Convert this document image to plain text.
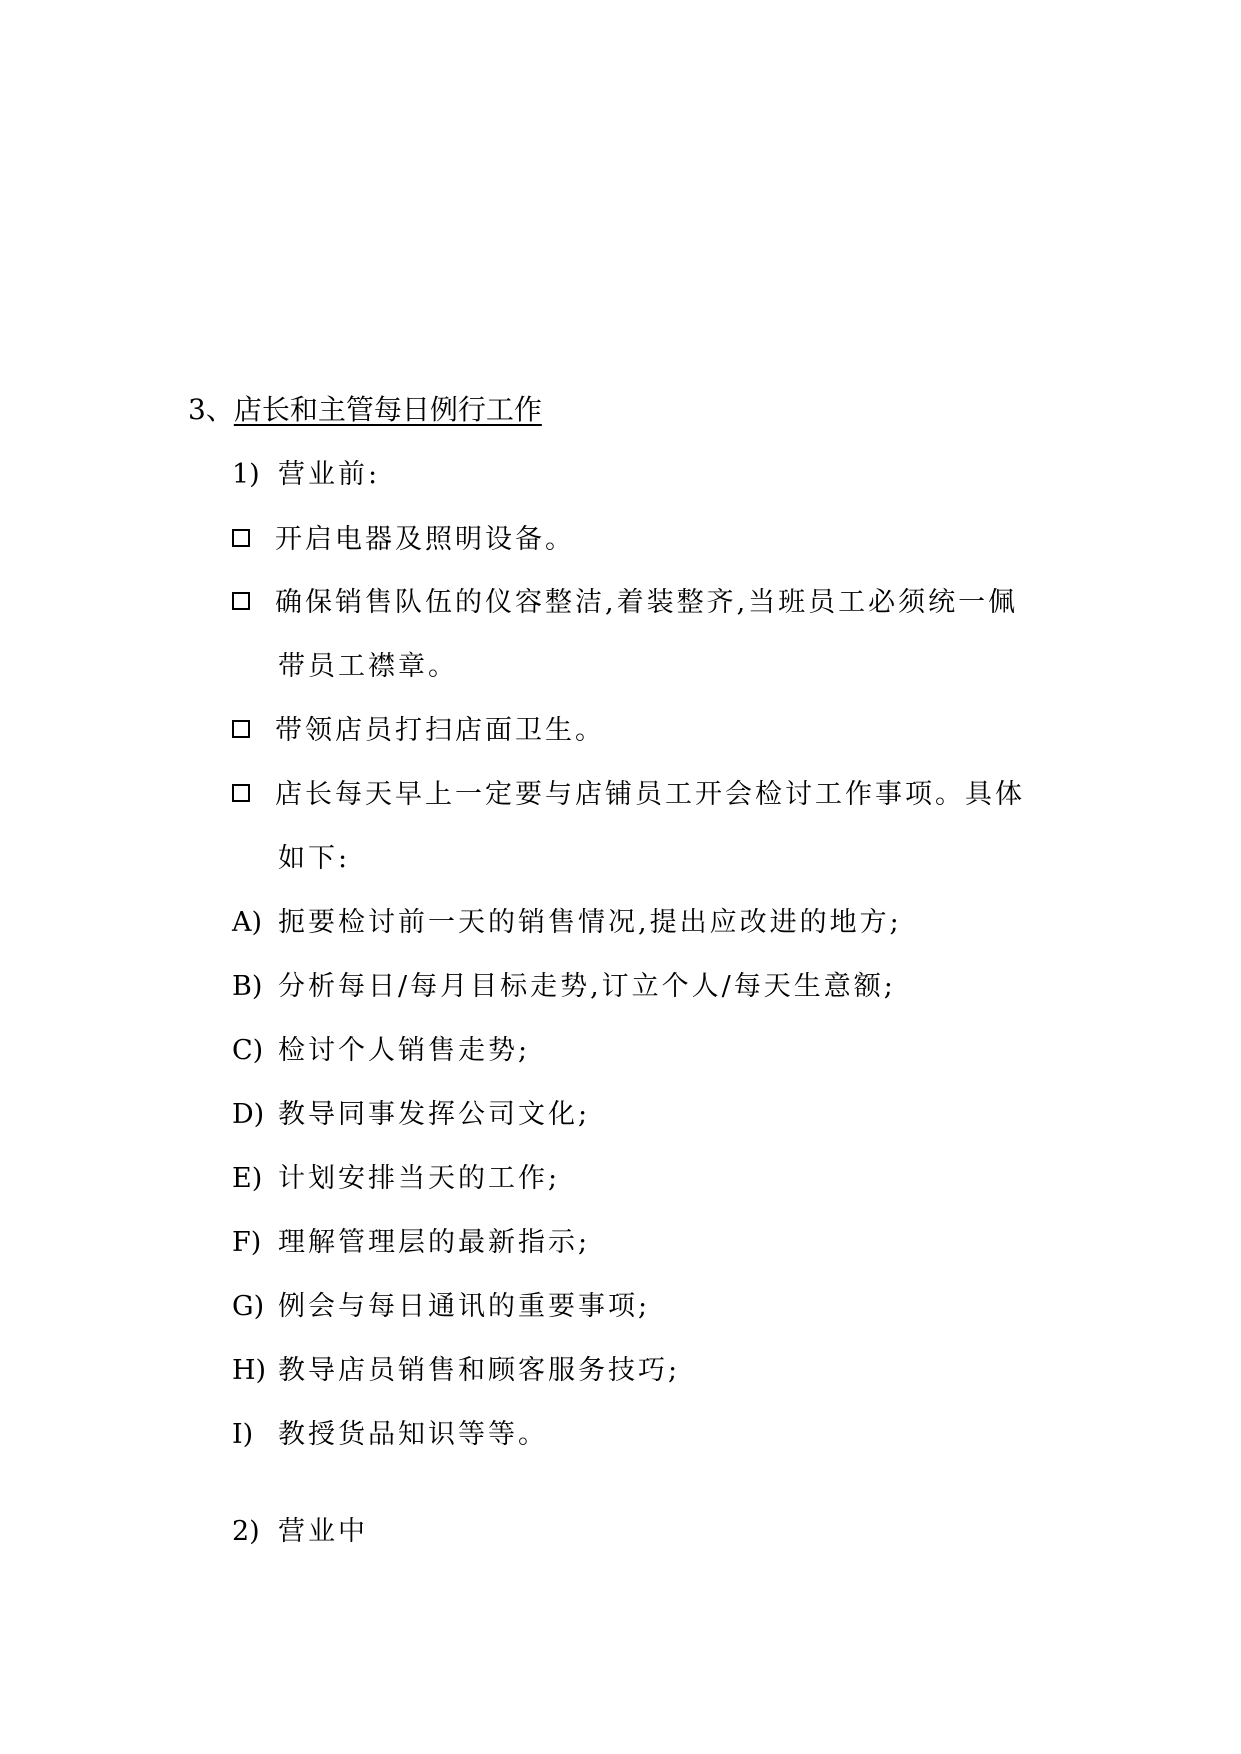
3、店长和主管每日例行工作
1) 营业前:
开启电器及照明设备。
确保销售队伍的仪容整洁,着装整齐,当班员工必须统一佩
带员工襟章。
带领店员打扫店面卫生。
店长每天早上一定要与店铺员工开会检讨工作事项。具体
如下:
A) 扼要检讨前一天的销售情况,提出应改进的地方;
B) 分析每日/每月目标走势,订立个人/每天生意额;
C) 检讨个人销售走势;
D) 教导同事发挥公司文化;
E) 计划安排当天的工作;
F) 理解管理层的最新指示;
G) 例会与每日通讯的重要事项;
H) 教导店员销售和顾客服务技巧;
I) 教授货品知识等等。
2) 营业中
